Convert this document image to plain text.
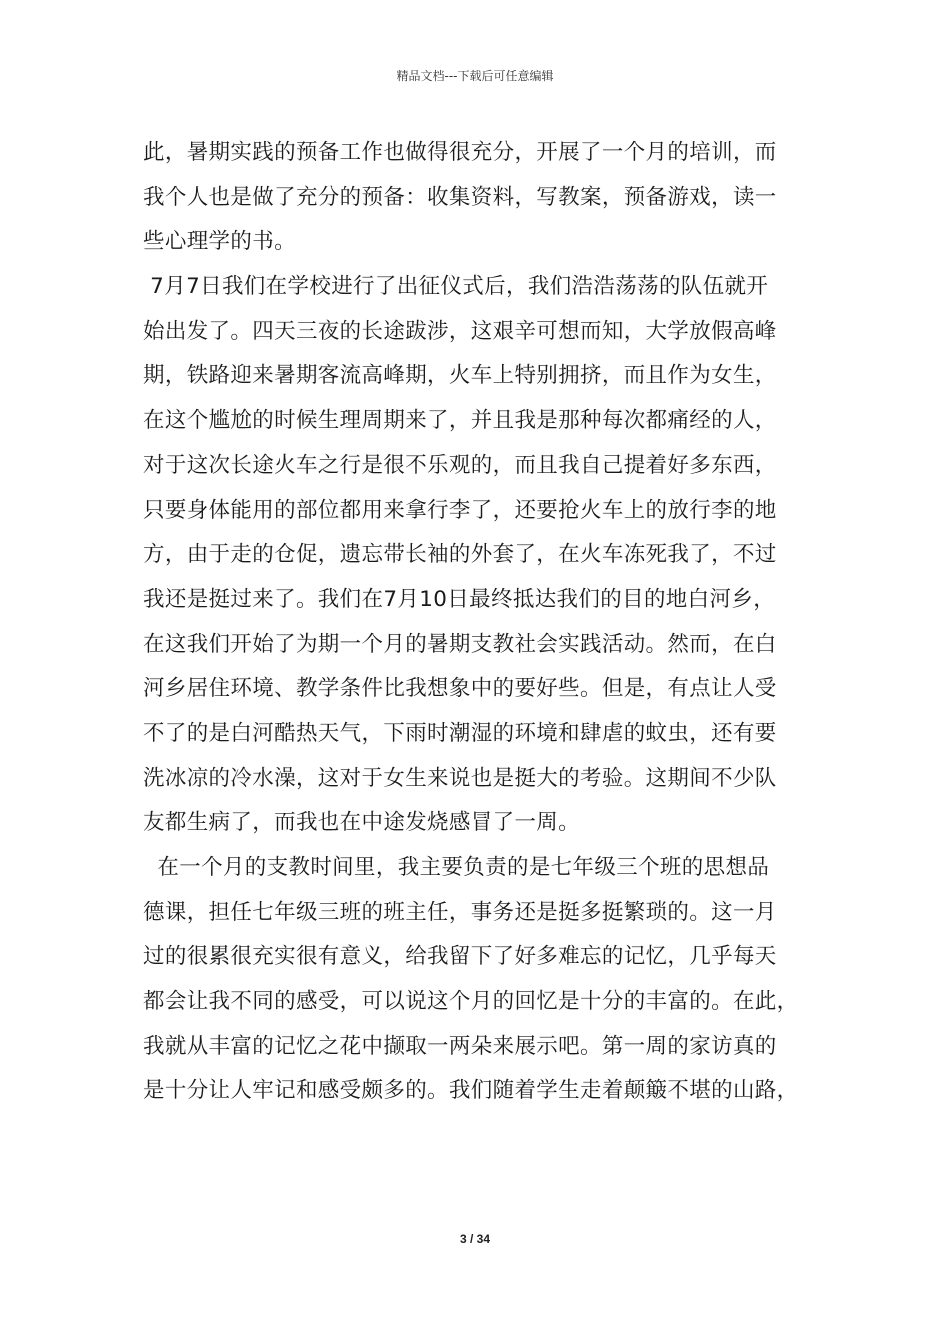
精品文档---下载后可任意编辑
此，暑期实践的预备工作也做得很充分，开展了一个月的培训，而
我个人也是做了充分的预备：收集资料，写教案，预备游戏，读一
些心理学的书。
7月7日我们在学校进行了出征仪式后，我们浩浩荡荡的队伍就开
始出发了。四天三夜的长途跋涉，这艰辛可想而知，大学放假高峰
期，铁路迎来暑期客流高峰期，火车上特别拥挤，而且作为女生，
在这个尴尬的时候生理周期来了，并且我是那种每次都痛经的人，
对于这次长途火车之行是很不乐观的，而且我自己提着好多东西，
只要身体能用的部位都用来拿行李了，还要抢火车上的放行李的地
方，由于走的仓促，遗忘带长袖的外套了，在火车冻死我了，不过
我还是挺过来了。我们在7月10日最终抵达我们的目的地白河乡，
在这我们开始了为期一个月的暑期支教社会实践活动。然而，在白
河乡居住环境、教学条件比我想象中的要好些。但是，有点让人受
不了的是白河酷热天气，下雨时潮湿的环境和肆虐的蚊虫，还有要
洗冰凉的冷水澡，这对于女生来说也是挺大的考验。这期间不少队
友都生病了，而我也在中途发烧感冒了一周。
在一个月的支教时间里，我主要负责的是七年级三个班的思想品
德课，担任七年级三班的班主任，事务还是挺多挺繁琐的。这一月
过的很累很充实很有意义，给我留下了好多难忘的记忆，几乎每天
都会让我不同的感受，可以说这个月的回忆是十分的丰富的。在此，
我就从丰富的记忆之花中撷取一两朵来展示吧。第一周的家访真的
是十分让人牢记和感受颇多的。我们随着学生走着颠簸不堪的山路，
3 / 34
